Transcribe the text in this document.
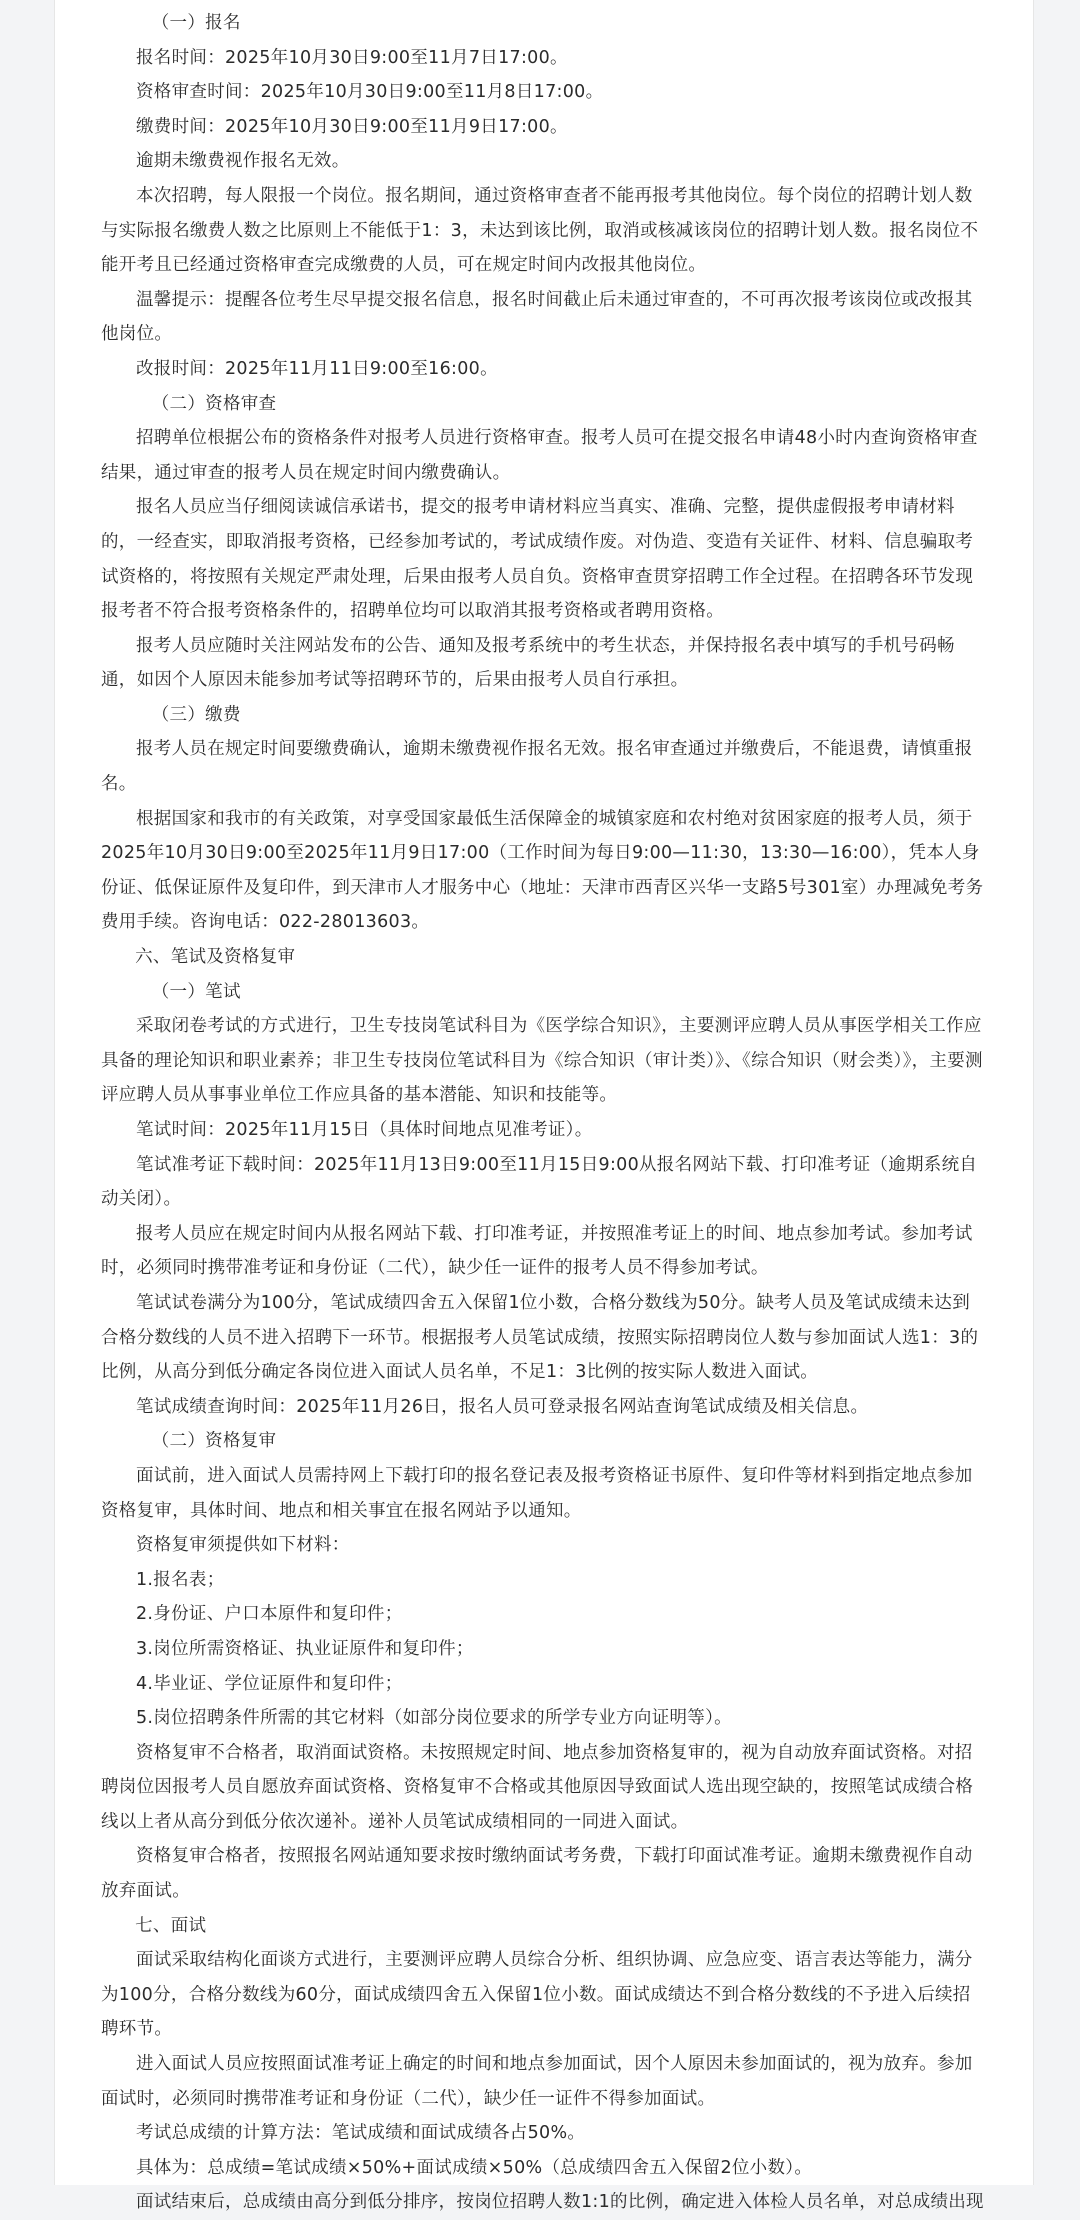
（一）报名

报名时间：2025年10月30日9:00至11月7日17:00。

资格审查时间：2025年10月30日9:00至11月8日17:00。

缴费时间：2025年10月30日9:00至11月9日17:00。

逾期未缴费视作报名无效。

本次招聘，每人限报一个岗位。报名期间，通过资格审查者不能再报考其他岗位。每个岗位的招聘计划人数与实际报名缴费人数之比原则上不能低于1：3，未达到该比例，取消或核减该岗位的招聘计划人数。报名岗位不能开考且已经通过资格审查完成缴费的人员，可在规定时间内改报其他岗位。

温馨提示：提醒各位考生尽早提交报名信息，报名时间截止后未通过审查的，不可再次报考该岗位或改报其他岗位。

改报时间：2025年11月11日9:00至16:00。

（二）资格审查

招聘单位根据公布的资格条件对报考人员进行资格审查。报考人员可在提交报名申请48小时内查询资格审查结果，通过审查的报考人员在规定时间内缴费确认。

报名人员应当仔细阅读诚信承诺书，提交的报考申请材料应当真实、准确、完整，提供虚假报考申请材料的，一经查实，即取消报考资格，已经参加考试的，考试成绩作废。对伪造、变造有关证件、材料、信息骗取考试资格的，将按照有关规定严肃处理，后果由报考人员自负。资格审查贯穿招聘工作全过程。在招聘各环节发现报考者不符合报考资格条件的，招聘单位均可以取消其报考资格或者聘用资格。

报考人员应随时关注网站发布的公告、通知及报考系统中的考生状态，并保持报名表中填写的手机号码畅通，如因个人原因未能参加考试等招聘环节的，后果由报考人员自行承担。

（三）缴费

报考人员在规定时间要缴费确认，逾期未缴费视作报名无效。报名审查通过并缴费后，不能退费，请慎重报名。

根据国家和我市的有关政策，对享受国家最低生活保障金的城镇家庭和农村绝对贫困家庭的报考人员，须于2025年10月30日9:00至2025年11月9日17:00（工作时间为每日9:00—11:30，13:30—16:00），凭本人身份证、低保证原件及复印件，到天津市人才服务中心（地址：天津市西青区兴华一支路5号301室）办理减免考务费用手续。咨询电话：022-28013603。

六、笔试及资格复审

（一）笔试

采取闭卷考试的方式进行，卫生专技岗笔试科目为《医学综合知识》，主要测评应聘人员从事医学相关工作应具备的理论知识和职业素养；非卫生专技岗位笔试科目为《综合知识（审计类）》、《综合知识（财会类）》，主要测评应聘人员从事事业单位工作应具备的基本潜能、知识和技能等。

笔试时间：2025年11月15日（具体时间地点见准考证）。

笔试准考证下载时间：2025年11月13日9:00至11月15日9:00从报名网站下载、打印准考证（逾期系统自动关闭）。

报考人员应在规定时间内从报名网站下载、打印准考证，并按照准考证上的时间、地点参加考试。参加考试时，必须同时携带准考证和身份证（二代），缺少任一证件的报考人员不得参加考试。

笔试试卷满分为100分，笔试成绩四舍五入保留1位小数，合格分数线为50分。缺考人员及笔试成绩未达到合格分数线的人员不进入招聘下一环节。根据报考人员笔试成绩，按照实际招聘岗位人数与参加面试人选1：3的比例，从高分到低分确定各岗位进入面试人员名单，不足1：3比例的按实际人数进入面试。

笔试成绩查询时间：2025年11月26日，报名人员可登录报名网站查询笔试成绩及相关信息。

（二）资格复审

面试前，进入面试人员需持网上下载打印的报名登记表及报考资格证书原件、复印件等材料到指定地点参加资格复审，具体时间、地点和相关事宜在报名网站予以通知。

资格复审须提供如下材料：

1.报名表；

2.身份证、户口本原件和复印件；

3.岗位所需资格证、执业证原件和复印件；

4.毕业证、学位证原件和复印件；

5.岗位招聘条件所需的其它材料（如部分岗位要求的所学专业方向证明等）。

资格复审不合格者，取消面试资格。未按照规定时间、地点参加资格复审的，视为自动放弃面试资格。对招聘岗位因报考人员自愿放弃面试资格、资格复审不合格或其他原因导致面试人选出现空缺的，按照笔试成绩合格线以上者从高分到低分依次递补。递补人员笔试成绩相同的一同进入面试。

资格复审合格者，按照报名网站通知要求按时缴纳面试考务费，下载打印面试准考证。逾期未缴费视作自动放弃面试。

七、面试

面试采取结构化面谈方式进行，主要测评应聘人员综合分析、组织协调、应急应变、语言表达等能力，满分为100分，合格分数线为60分，面试成绩四舍五入保留1位小数。面试成绩达不到合格分数线的不予进入后续招聘环节。

进入面试人员应按照面试准考证上确定的时间和地点参加面试，因个人原因未参加面试的，视为放弃。参加面试时，必须同时携带准考证和身份证（二代），缺少任一证件不得参加面试。

考试总成绩的计算方法：笔试成绩和面试成绩各占50%。

具体为：总成绩=笔试成绩×50%+面试成绩×50%（总成绩四舍五入保留2位小数）。

面试结束后，总成绩由高分到低分排序，按岗位招聘人数1:1的比例，确定进入体检人员名单，对总成绩出现
